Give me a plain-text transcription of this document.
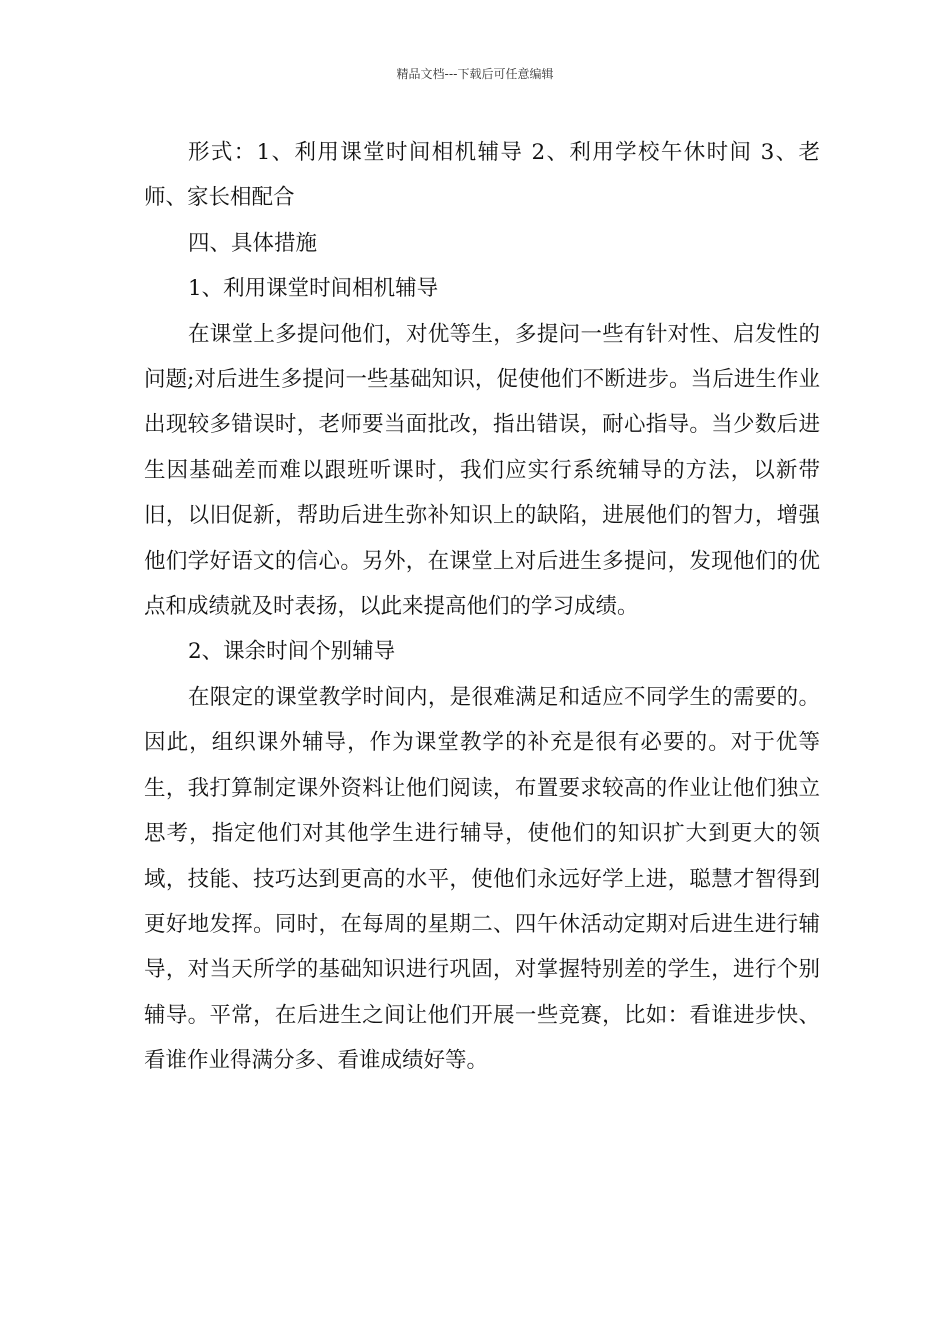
精品文档---下载后可任意编辑

形式：1、利用课堂时间相机辅导 2、利用学校午休时间 3、老师、家长相配合

四、具体措施

1、利用课堂时间相机辅导

在课堂上多提问他们，对优等生，多提问一些有针对性、启发性的问题;对后进生多提问一些基础知识，促使他们不断进步。当后进生作业出现较多错误时，老师要当面批改，指出错误，耐心指导。当少数后进生因基础差而难以跟班听课时，我们应实行系统辅导的方法，以新带旧，以旧促新，帮助后进生弥补知识上的缺陷，进展他们的智力，增强他们学好语文的信心。另外，在课堂上对后进生多提问，发现他们的优点和成绩就及时表扬，以此来提高他们的学习成绩。

2、课余时间个别辅导

在限定的课堂教学时间内，是很难满足和适应不同学生的需要的。因此，组织课外辅导，作为课堂教学的补充是很有必要的。对于优等生，我打算制定课外资料让他们阅读，布置要求较高的作业让他们独立思考，指定他们对其他学生进行辅导，使他们的知识扩大到更大的领域，技能、技巧达到更高的水平，使他们永远好学上进，聪慧才智得到更好地发挥。同时，在每周的星期二、四午休活动定期对后进生进行辅导，对当天所学的基础知识进行巩固，对掌握特别差的学生，进行个别辅导。平常，在后进生之间让他们开展一些竞赛，比如：看谁进步快、看谁作业得满分多、看谁成绩好等。
